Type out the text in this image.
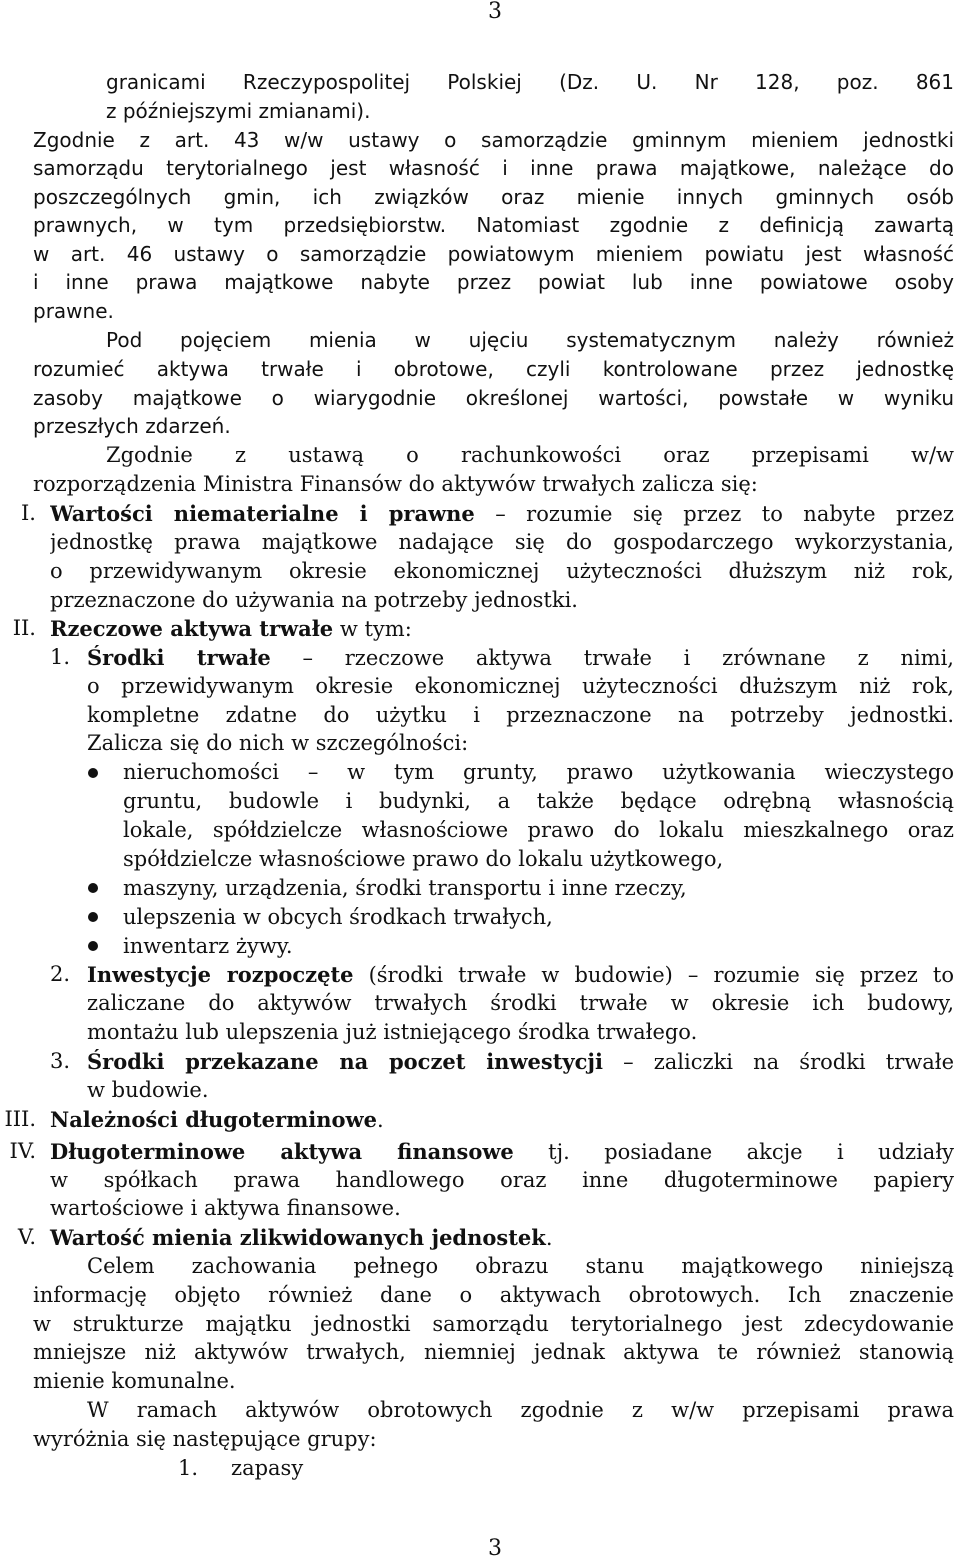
3
granicami Rzeczypospolitej Polskiej (Dz. U. Nr 128, poz. 861
z późniejszymi zmianami).
Zgodnie z art. 43 w/w ustawy o samorządzie gminnym mieniem jednostki
samorządu terytorialnego jest własność i inne prawa majątkowe, należące do
poszczególnych gmin, ich związków oraz mienie innych gminnych osób
prawnych, w tym przedsiębiorstw. Natomiast zgodnie z definicją zawartą
w art. 46 ustawy o samorządzie powiatowym mieniem powiatu jest własność
i inne prawa majątkowe nabyte przez powiat lub inne powiatowe osoby
prawne.
Pod pojęciem mienia w ujęciu systematycznym należy również
rozumieć aktywa trwałe i obrotowe, czyli kontrolowane przez jednostkę
zasoby majątkowe o wiarygodnie określonej wartości, powstałe w wyniku
przeszłych zdarzeń.
Zgodnie z ustawą o rachunkowości oraz przepisami w/w
rozporządzenia Ministra Finansów do aktywów trwałych zalicza się:
I. Wartości niematerialne i prawne – rozumie się przez to nabyte przez
jednostkę prawa majątkowe nadające się do gospodarczego wykorzystania,
o przewidywanym okresie ekonomicznej użyteczności dłuższym niż rok,
przeznaczone do używania na potrzeby jednostki.
II. Rzeczowe aktywa trwałe w tym:
1. Środki trwałe – rzeczowe aktywa trwałe i zrównane z nimi,
o przewidywanym okresie ekonomicznej użyteczności dłuższym niż rok,
kompletne zdatne do użytku i przeznaczone na potrzeby jednostki.
Zalicza się do nich w szczególności:
nieruchomości – w tym grunty, prawo użytkowania wieczystego
gruntu, budowle i budynki, a także będące odrębną własnością
lokale, spółdzielcze własnościowe prawo do lokalu mieszkalnego oraz
spółdzielcze własnościowe prawo do lokalu użytkowego,
maszyny, urządzenia, środki transportu i inne rzeczy,
ulepszenia w obcych środkach trwałych,
inwentarz żywy.
2. Inwestycje rozpoczęte (środki trwałe w budowie) – rozumie się przez to
zaliczane do aktywów trwałych środki trwałe w okresie ich budowy,
montażu lub ulepszenia już istniejącego środka trwałego.
3. Środki przekazane na poczet inwestycji – zaliczki na środki trwałe
w budowie.
III. Należności długoterminowe.
IV. Długoterminowe aktywa finansowe tj. posiadane akcje i udziały
w spółkach prawa handlowego oraz inne długoterminowe papiery
wartościowe i aktywa finansowe.
V. Wartość mienia zlikwidowanych jednostek.
Celem zachowania pełnego obrazu stanu majątkowego niniejszą
informację objęto również dane o aktywach obrotowych. Ich znaczenie
w strukturze majątku jednostki samorządu terytorialnego jest zdecydowanie
mniejsze niż aktywów trwałych, niemniej jednak aktywa te również stanowią
mienie komunalne.
W ramach aktywów obrotowych zgodnie z w/w przepisami prawa
wyróżnia się następujące grupy:
1. zapasy
3
